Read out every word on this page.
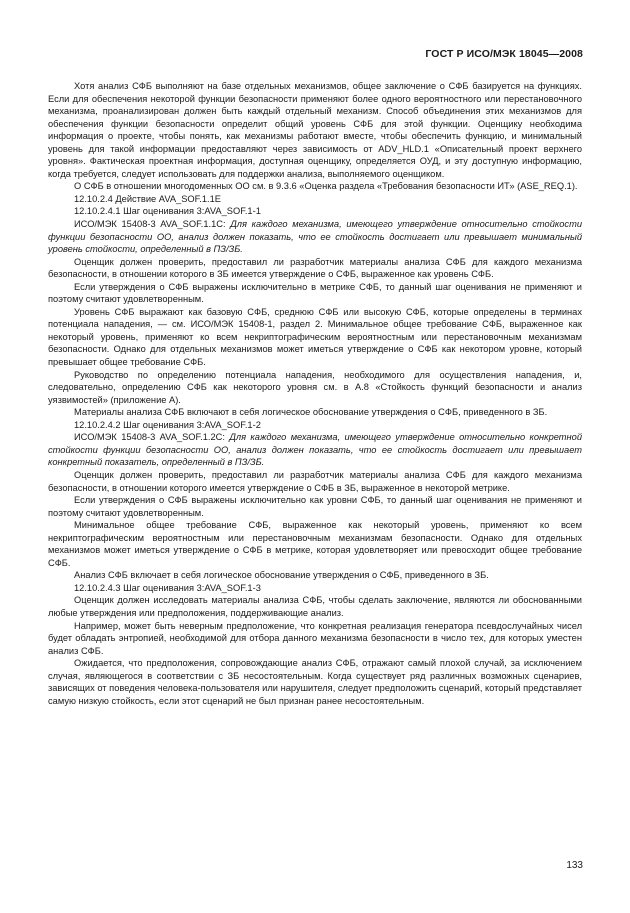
ГОСТ Р ИСО/МЭК 18045—2008

Хотя анализ СФБ выполняют на базе отдельных механизмов, общее заключение о СФБ базируется на функциях. Если для обеспечения некоторой функции безопасности применяют более одного вероятностного или перестановочного механизма, проанализирован должен быть каждый отдельный механизм. Способ объединения этих механизмов для обеспечения функции безопасности определит общий уровень СФБ для этой функции. Оценщику необходима информация о проекте, чтобы понять, как механизмы работают вместе, чтобы обеспечить функцию, и минимальный уровень для такой информации предоставляют через зависимость от ADV_HLD.1 «Описательный проект верхнего уровня». Фактическая проектная информация, доступная оценщику, определяется ОУД, и эту доступную информацию, когда требуется, следует использовать для поддержки анализа, выполняемого оценщиком.

О СФБ в отношении многодоменных ОО см. в 9.3.6 «Оценка раздела «Требования безопасности ИТ» (ASE_REQ.1).

12.10.2.4 Действие AVA_SOF.1.1E

12.10.2.4.1 Шаг оценивания 3:AVA_SOF.1-1

ИСО/МЭК 15408-3 AVA_SOF.1.1C: Для каждого механизма, имеющего утверждение относительно стойкости функции безопасности ОО, анализ должен показать, что ее стойкость достигает или превышает минимальный уровень стойкости, определенный в ПЗ/ЗБ.

Оценщик должен проверить, предоставил ли разработчик материалы анализа СФБ для каждого механизма безопасности, в отношении которого в ЗБ имеется утверждение о СФБ, выраженное как уровень СФБ.

Если утверждения о СФБ выражены исключительно в метрике СФБ, то данный шаг оценивания не применяют и поэтому считают удовлетворенным.

Уровень СФБ выражают как базовую СФБ, среднюю СФБ или высокую СФБ, которые определены в терминах потенциала нападения, — см. ИСО/МЭК 15408-1, раздел 2. Минимальное общее требование СФБ, выраженное как некоторый уровень, применяют ко всем некриптографическим вероятностным или перестановочным механизмам безопасности. Однако для отдельных механизмов может иметься утверждение о СФБ как некотором уровне, который превышает общее требование СФБ.

Руководство по определению потенциала нападения, необходимого для осуществления нападения, и, следовательно, определению СФБ как некоторого уровня см. в А.8 «Стойкость функций безопасности и анализ уязвимостей» (приложение А).

Материалы анализа СФБ включают в себя логическое обоснование утверждения о СФБ, приведенного в ЗБ.

12.10.2.4.2 Шаг оценивания 3:AVA_SOF.1-2

ИСО/МЭК 15408-3 AVA_SOF.1.2C: Для каждого механизма, имеющего утверждение относительно конкретной стойкости функции безопасности ОО, анализ должен показать, что ее стойкость достигает или превышает конкретный показатель, определенный в ПЗ/ЗБ.

Оценщик должен проверить, предоставил ли разработчик материалы анализа СФБ для каждого механизма безопасности, в отношении которого имеется утверждение о СФБ в ЗБ, выраженное в некоторой метрике.

Если утверждения о СФБ выражены исключительно как уровни СФБ, то данный шаг оценивания не применяют и поэтому считают удовлетворенным.

Минимальное общее требование СФБ, выраженное как некоторый уровень, применяют ко всем некриптографическим вероятностным или перестановочным механизмам безопасности. Однако для отдельных механизмов может иметься утверждение о СФБ в метрике, которая удовлетворяет или превосходит общее требование СФБ.

Анализ СФБ включает в себя логическое обоснование утверждения о СФБ, приведенного в ЗБ.

12.10.2.4.3 Шаг оценивания 3:AVA_SOF.1-3

Оценщик должен исследовать материалы анализа СФБ, чтобы сделать заключение, являются ли обоснованными любые утверждения или предположения, поддерживающие анализ.

Например, может быть неверным предположение, что конкретная реализация генератора псевдослучайных чисел будет обладать энтропией, необходимой для отбора данного механизма безопасности в число тех, для которых уместен анализ СФБ.

Ожидается, что предположения, сопровождающие анализ СФБ, отражают самый плохой случай, за исключением случая, являющегося в соответствии с ЗБ несостоятельным. Когда существует ряд различных возможных сценариев, зависящих от поведения человека-пользователя или нарушителя, следует предположить сценарий, который представляет самую низкую стойкость, если этот сценарий не был признан ранее несостоятельным.

133
